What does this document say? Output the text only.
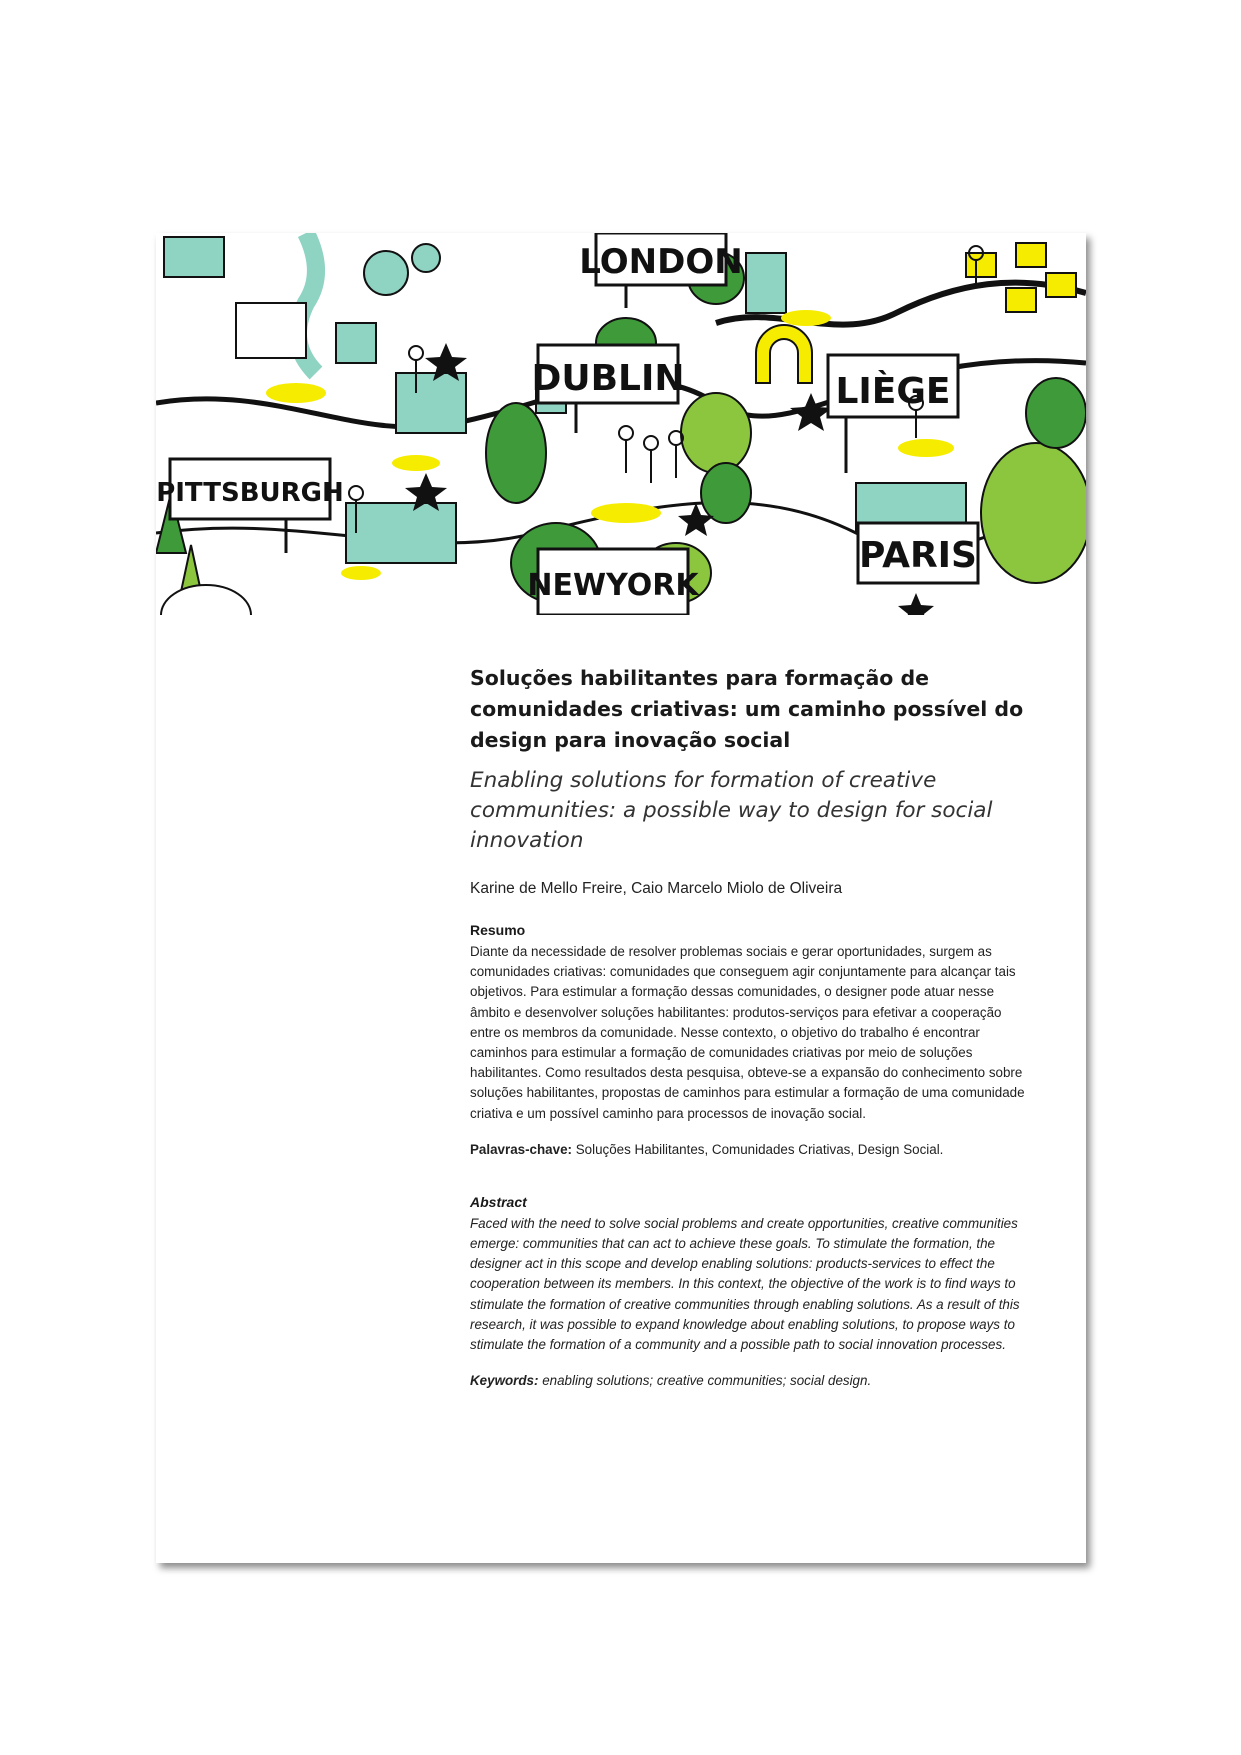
LONDON
DUBLIN	LIÈGE
PITTSBURGH
NEWYORK
PARIS
Soluções habilitantes para formação de comunidades criativas: um caminho possível do design para inovação social
Enabling solutions for formation of creative communities: a possible way to design for social innovation

Karine de Mello Freire, Caio Marcelo Miolo de Oliveira

Resumo

Diante da necessidade de resolver problemas sociais e gerar oportunidades, surgem as comunidades criativas: comunidades que conseguem agir conjuntamente para alcançar tais objetivos. Para estimular a formação dessas comunidades, o designer pode atuar nesse âmbito e desenvolver soluções habilitantes: produtos-serviços para efetivar a cooperação entre os membros da comunidade. Nesse contexto, o objetivo do trabalho é encontrar caminhos para estimular a formação de comunidades criativas por meio de soluções habilitantes. Como resultados desta pesquisa, obteve-se a expansão do conhecimento sobre soluções habilitantes, propostas de caminhos para estimular a formação de uma comunidade criativa e um possível caminho para processos de inovação social.

Palavras-chave: Soluções Habilitantes, Comunidades Criativas, Design Social.

Abstract

Faced with the need to solve social problems and create opportunities, creative communities emerge: communities that can act to achieve these goals. To stimulate the formation, the designer act in this scope and develop enabling solutions: products-services to effect the cooperation between its members. In this context, the objective of the work is to find ways to stimulate the formation of creative communities through enabling solutions. As a result of this research, it was possible to expand knowledge about enabling solutions, to propose ways to stimulate the formation of a community and a possible path to social innovation processes.

Keywords: enabling solutions; creative communities; social design.
